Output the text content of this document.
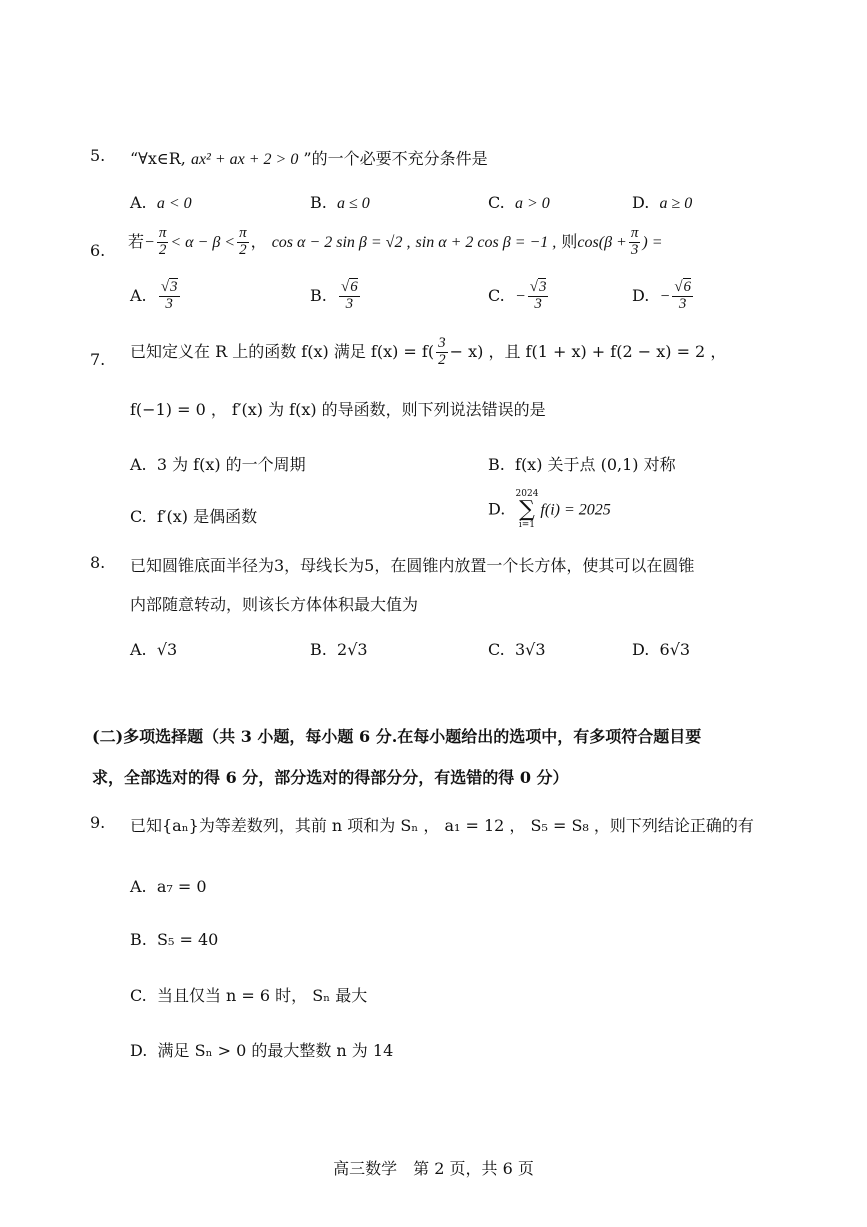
5. “∀x∈R, ax² + ax + 2 > 0 ”的一个必要不充分条件是
A. a < 0	B. a ≤ 0	C. a > 0	D. a ≥ 0
6. 若− $\frac{\pi}{2} < \alpha - \beta < \frac{\pi}{2}$ ， cos α − 2 sin β = √2 , sin α + 2 cos β = −1 , 则$\cos(\beta + \frac{\pi}{3}$ ) =
A. $\frac{√3}{3}$	B. $\frac{√6}{3}$	C.  − $\frac{√3}{3}$	D.  − $\frac{√6}{3}$
7. 已知定义在 R 上的函数 f(x) 满足 $f(x) = f( \frac{3}{2} - x)$ ，且 f(1 + x) + f(2 − x) = 2 ，
f(−1) = 0 ， f′(x) 为 f(x) 的导函数，则下列说法错误的是
A. 3 为 f(x) 的一个周期	B. f(x) 关于点 (0,1) 对称
C. f′(x) 是偶函数	D.
2024
∑
i=1
f(i) = 2025
8. 已知圆锥底面半径为3，母线长为5，在圆锥内放置一个长方体，使其可以在圆锥
内部随意转动，则该长方体体积最大值为
A. √3	B. 2√3	C. 3√3	D. 6√3
(二)多项选择题（共 3 小题，每小题 6 分.在每小题给出的选项中，有多项符合题目要
求，全部选对的得 6 分，部分选对的得部分分，有选错的得 0 分）
9. 已知{aₙ}为等差数列，其前 n 项和为 Sₙ ， a₁ = 12 ， S₅ = S₈ ，则下列结论正确的有
A. a₇ = 0
B. S₅ = 40
C. 当且仅当 n = 6 时， Sₙ 最大
D. 满足 Sₙ > 0 的最大整数 n 为 14
高三数学　第 2 页，共 6 页
